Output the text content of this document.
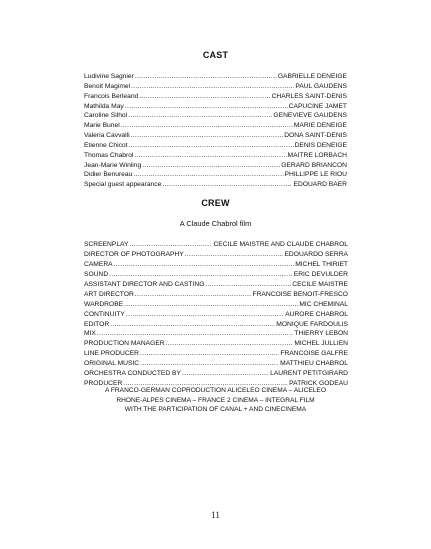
CAST
Ludivine Sagnier .....	GABRIELLE DENEIGE
Benoit Magimel .....	PAUL GAUDENS
Francois Berleand .....	CHARLES SAINT-DENIS
Mathilda May .....	CAPUCINE JAMET
Caroline Silhol .....	GENEVIEVE GAUDENS
Marie Bunel .....	MARIE DENEIGE
Valeria Cavvalli .....	DONA SAINT-DENIS
Etienne Chicot .....	DENIS DENEIGE
Thomas Chabrol .....	MAITRE LORBACH
Jean-Marie Winling .....	GERARD BRIANCON
Didier Benureau .....	PHILLIPPE LE RIOU
Special guest appearance .....	EDOUARD BAER
CREW
A Claude Chabrol film
SCREENPLAY .....	CECILE MAISTRE AND CLAUDE CHABROL
DIRECTOR OF PHOTOGRAPHY .....	EDOUARDO SERRA
CAMERA .....	MICHEL THIRIET
SOUND .....	ERIC DEVULDER
ASSISTANT DIRECTOR AND CASTING .....	CECILE MAISTRE
ART DIRECTOR .....	FRANCOISE BENOIT-FRESCO
WARDROBE .....	MIC CHEMINAL
CONTINUITY .....	AURORE CHABROL
EDITOR .....	MONIQUE FARDOULIS
MIX .....	THIERRY LEBON
PRODUCTION MANAGER .....	MICHEL JULLIEN
LINE PRODUCER .....	FRANCOISE GALFRE
ORIGINAL MUSIC .....	MATTHIEU CHABROL
ORCHESTRA CONDUCTED BY .....	LAURENT PETITGIRARD
PRODUCER .....	PATRICK GODEAU
A FRANCO-GERMAN COPRODUCTION ALICELEO CINEMA – ALICELEO
RHONE-ALPES CINEMA – FRANCE 2 CINEMA – INTEGRAL FILM
WITH THE PARTICIPATION OF CANAL + AND CINECINEMA
11
